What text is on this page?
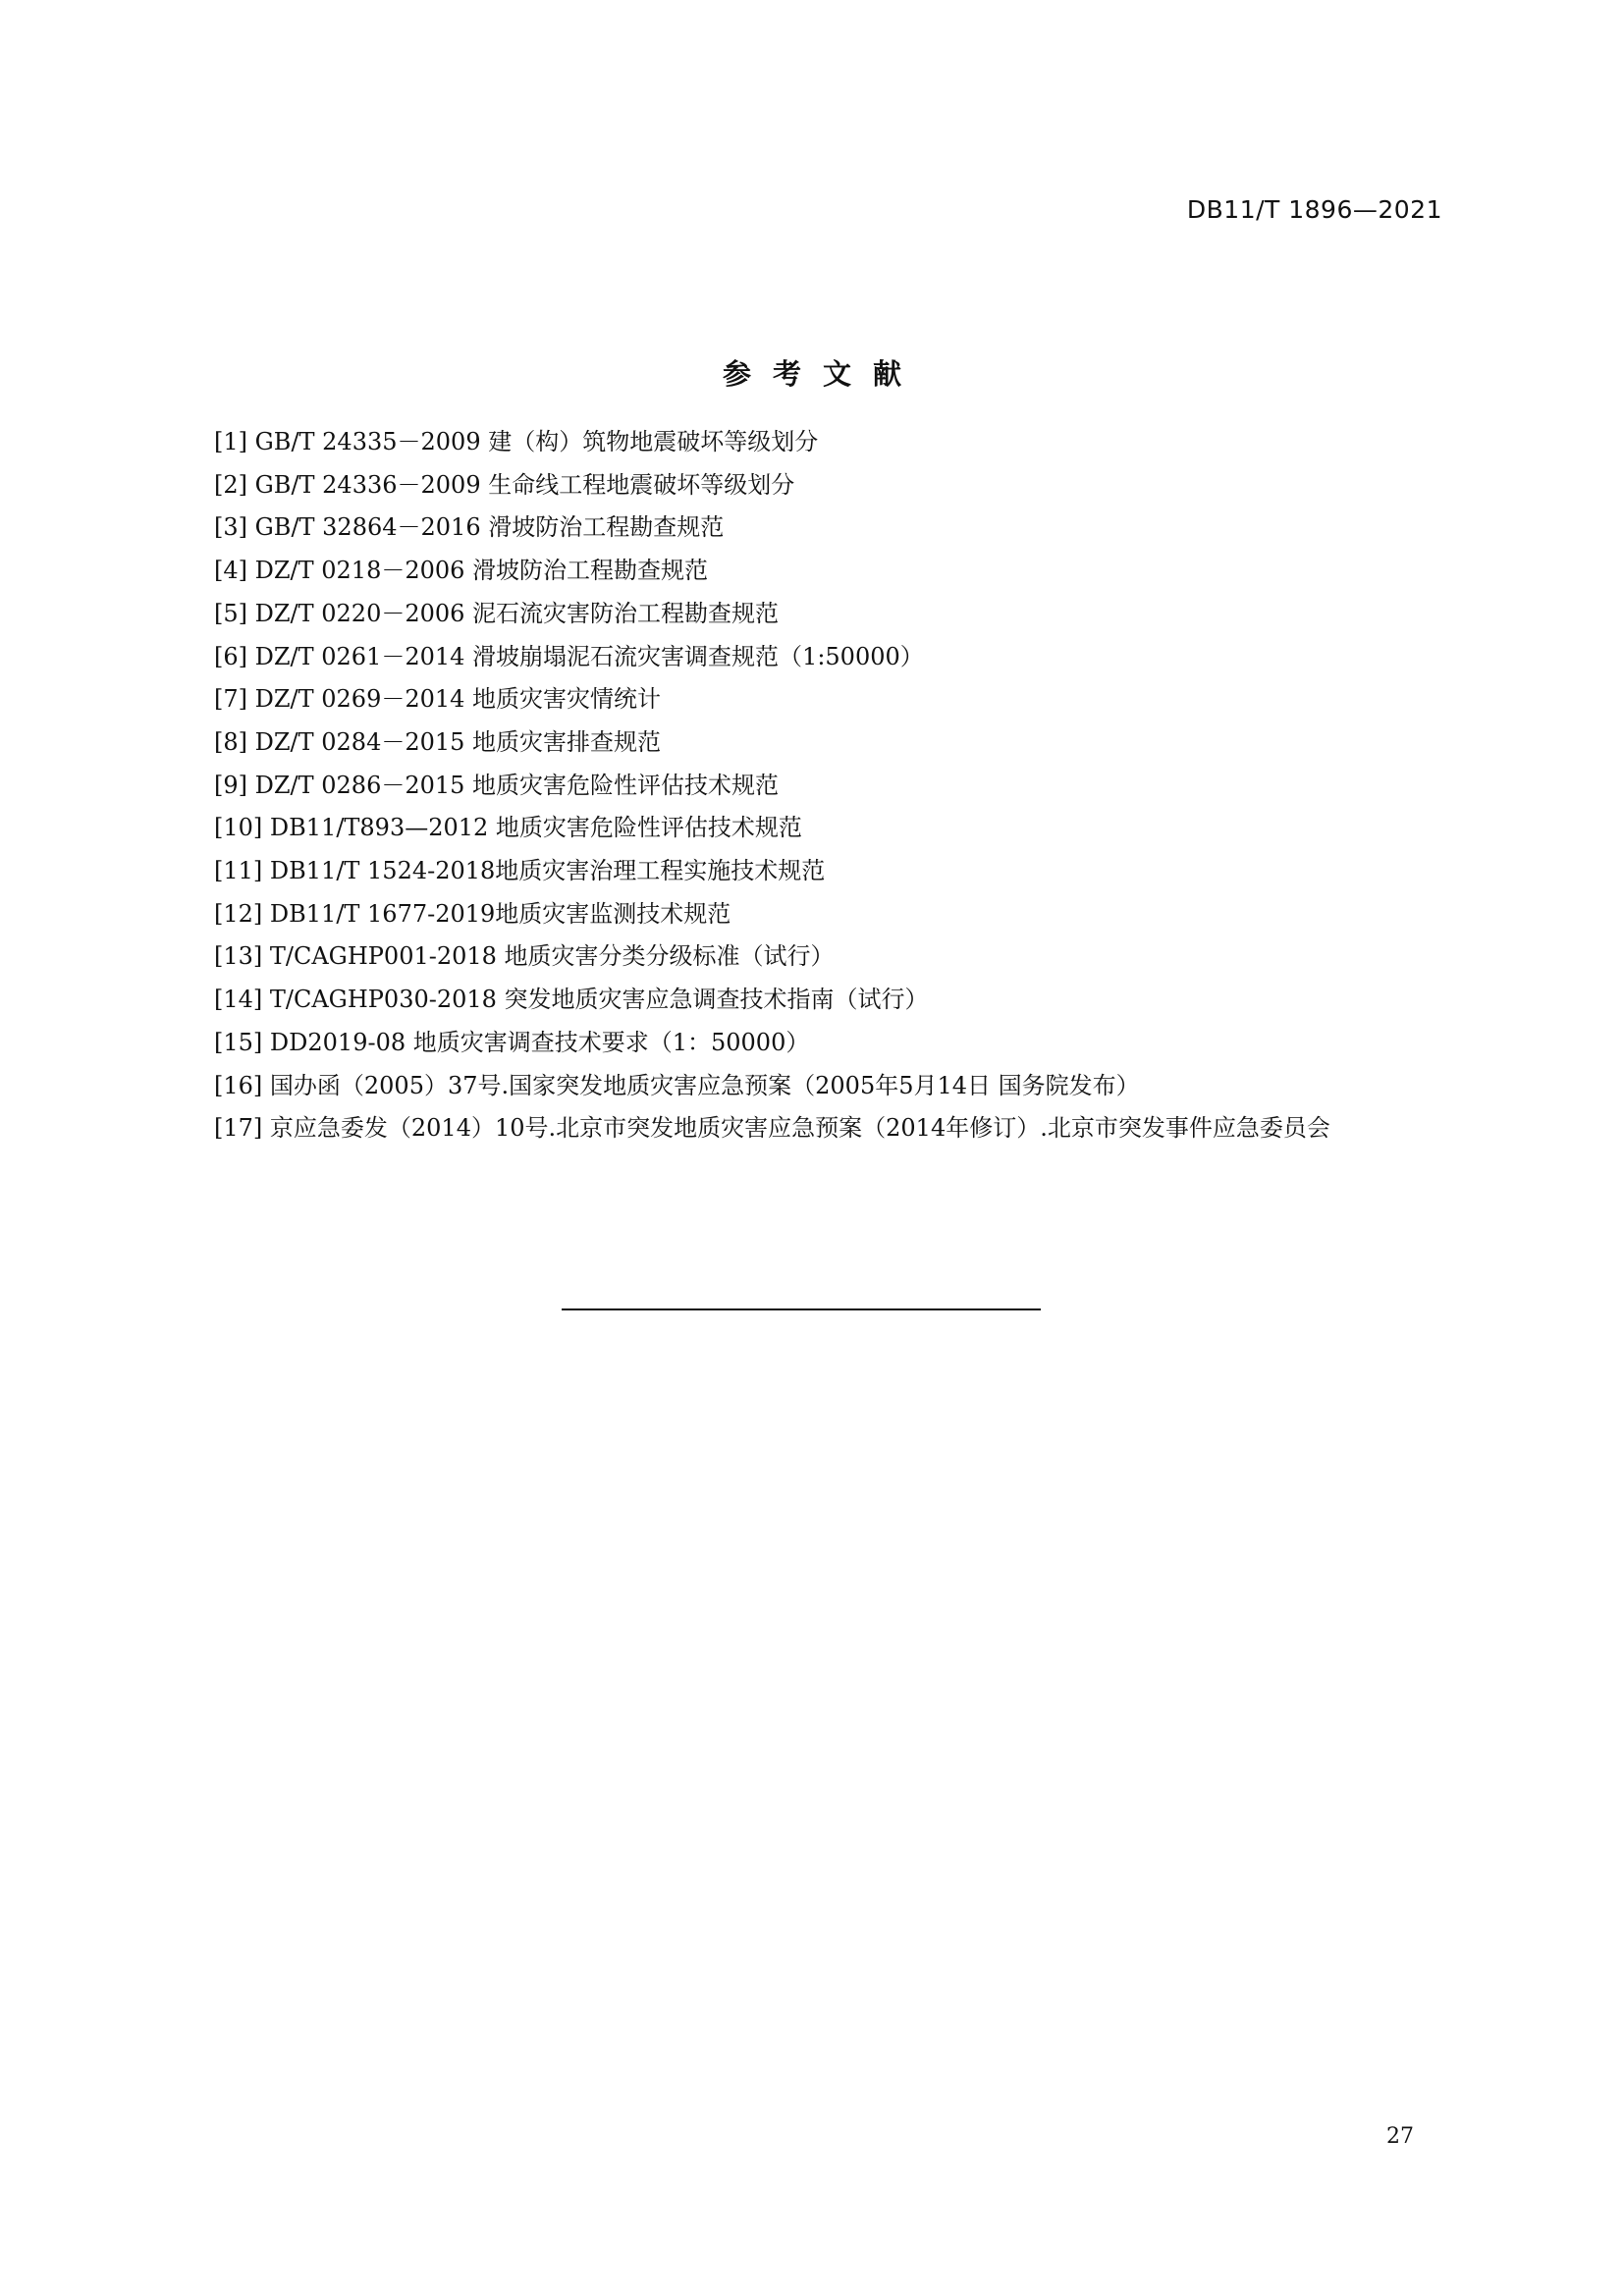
DB11/T 1896—2021
参考文献
[1] GB/T 24335－2009 建（构）筑物地震破坏等级划分
[2] GB/T 24336－2009 生命线工程地震破坏等级划分
[3] GB/T 32864－2016 滑坡防治工程勘查规范
[4] DZ/T 0218－2006 滑坡防治工程勘查规范
[5] DZ/T 0220－2006 泥石流灾害防治工程勘查规范
[6] DZ/T 0261－2014 滑坡崩塌泥石流灾害调查规范（1:50000）
[7] DZ/T 0269－2014 地质灾害灾情统计
[8] DZ/T 0284－2015 地质灾害排查规范
[9] DZ/T 0286－2015 地质灾害危险性评估技术规范
[10] DB11/T893—2012 地质灾害危险性评估技术规范
[11] DB11/T 1524-2018地质灾害治理工程实施技术规范
[12] DB11/T 1677-2019地质灾害监测技术规范
[13] T/CAGHP001-2018 地质灾害分类分级标准（试行）
[14] T/CAGHP030-2018 突发地质灾害应急调查技术指南（试行）
[15] DD2019-08 地质灾害调查技术要求（1：50000）
[16] 国办函（2005）37号.国家突发地质灾害应急预案（2005年5月14日 国务院发布）
[17] 京应急委发（2014）10号.北京市突发地质灾害应急预案（2014年修订）.北京市突发事件应急委员会
27
